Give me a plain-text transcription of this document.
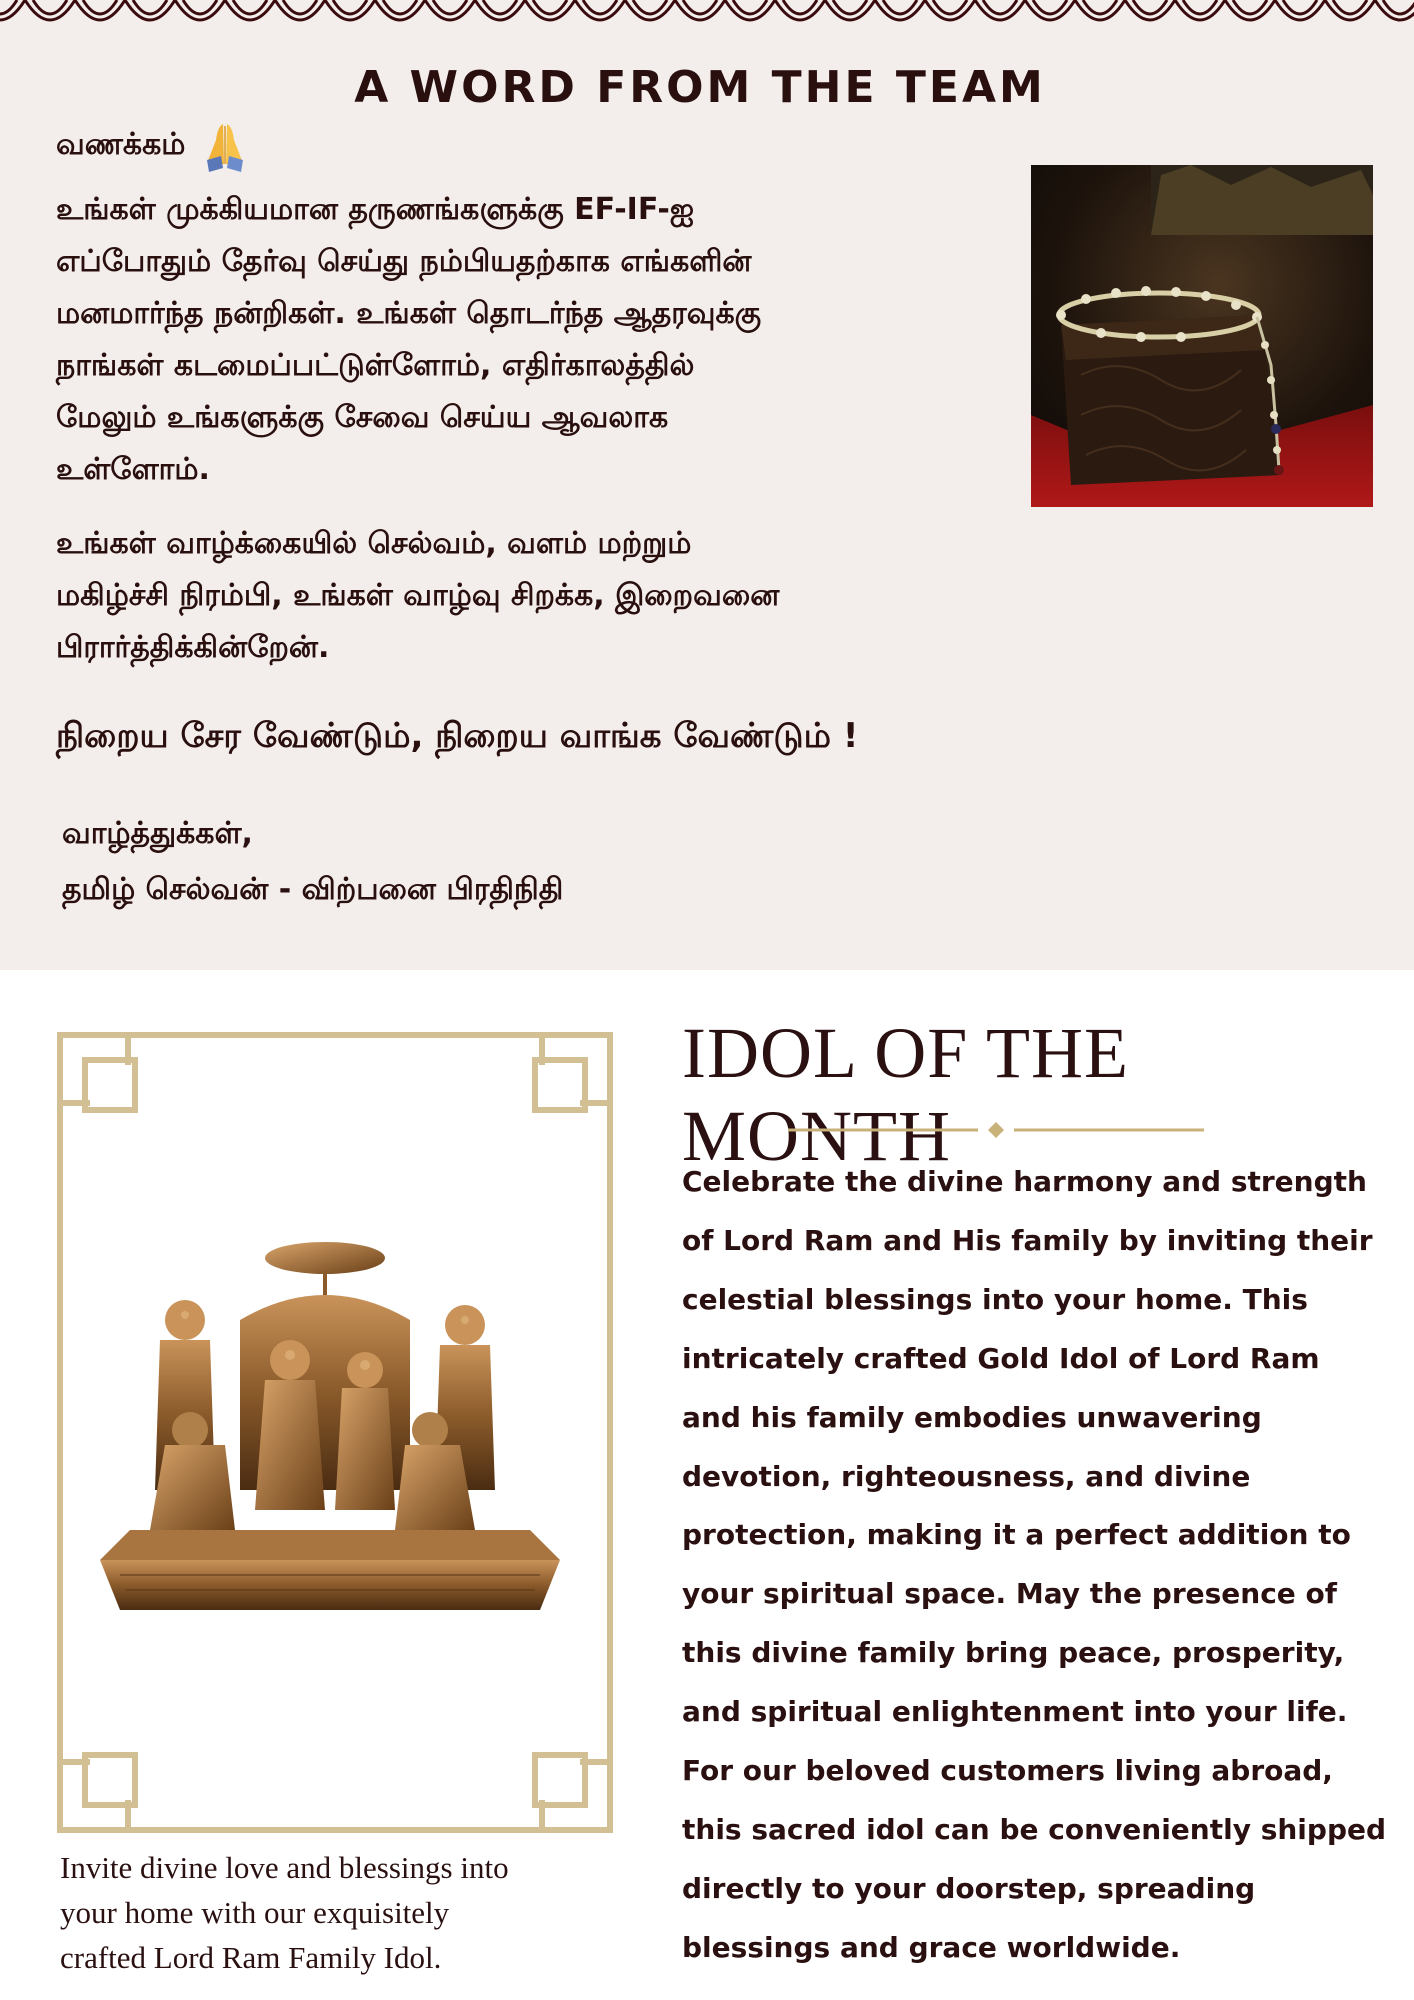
A WORD FROM THE TEAM
வணக்கம்
உங்கள் முக்கியமான தருணங்களுக்கு EF-IF-ஐ
எப்போதும் தேர்வு செய்து நம்பியதற்காக எங்களின்
மனமார்ந்த நன்றிகள். உங்கள் தொடர்ந்த ஆதரவுக்கு
நாங்கள் கடமைப்பட்டுள்ளோம், எதிர்காலத்தில்
மேலும் உங்களுக்கு சேவை செய்ய ஆவலாக
உள்ளோம்.
உங்கள் வாழ்க்கையில் செல்வம், வளம் மற்றும்
மகிழ்ச்சி நிரம்பி, உங்கள் வாழ்வு சிறக்க, இறைவனை
பிரார்த்திக்கின்றேன்.
நிறைய சேர வேண்டும், நிறைய வாங்க வேண்டும் !
வாழ்த்துக்கள்,
தமிழ் செல்வன் - விற்பனை பிரதிநிதி
Invite divine love and blessings into
your home with our exquisitely
crafted Lord Ram Family Idol.
IDOL OF THE MONTH
Celebrate the divine harmony and strength
of Lord Ram and His family by inviting their
celestial blessings into your home. This
intricately crafted Gold Idol of Lord Ram
and his family embodies unwavering
devotion, righteousness, and divine
protection, making it a perfect addition to
your spiritual space. May the presence of
this divine family bring peace, prosperity,
and spiritual enlightenment into your life.
For our beloved customers living abroad,
this sacred idol can be conveniently shipped
directly to your doorstep, spreading
blessings and grace worldwide.
